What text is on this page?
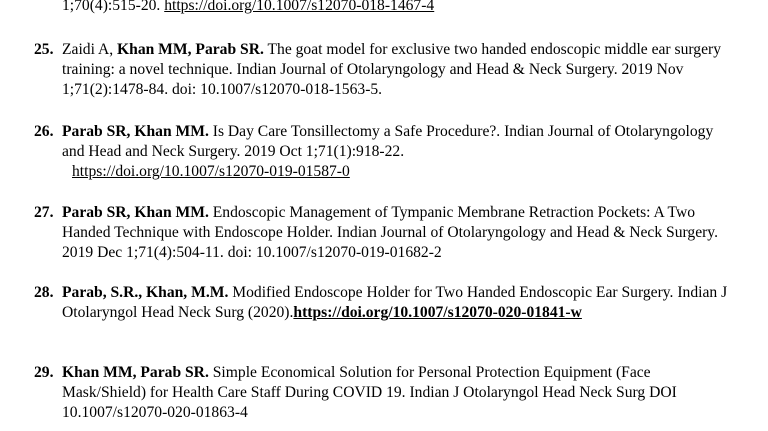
1;70(4):515-20. https://doi.org/10.1007/s12070-018-1467-4
25. Zaidi A, Khan MM, Parab SR. The goat model for exclusive two handed endoscopic middle ear surgery training: a novel technique. Indian Journal of Otolaryngology and Head & Neck Surgery. 2019 Nov 1;71(2):1478-84. doi: 10.1007/s12070-018-1563-5.
26. Parab SR, Khan MM. Is Day Care Tonsillectomy a Safe Procedure?. Indian Journal of Otolaryngology and Head and Neck Surgery. 2019 Oct 1;71(1):918-22.
https://doi.org/10.1007/s12070-019-01587-0
27. Parab SR, Khan MM. Endoscopic Management of Tympanic Membrane Retraction Pockets: A Two Handed Technique with Endoscope Holder. Indian Journal of Otolaryngology and Head & Neck Surgery. 2019 Dec 1;71(4):504-11. doi: 10.1007/s12070-019-01682-2
28. Parab, S.R., Khan, M.M. Modified Endoscope Holder for Two Handed Endoscopic Ear Surgery. Indian J Otolaryngol Head Neck Surg (2020).https://doi.org/10.1007/s12070-020-01841-w
29. Khan MM, Parab SR. Simple Economical Solution for Personal Protection Equipment (Face Mask/Shield) for Health Care Staff During COVID 19. Indian J Otolaryngol Head Neck Surg DOI 10.1007/s12070-020-01863-4
